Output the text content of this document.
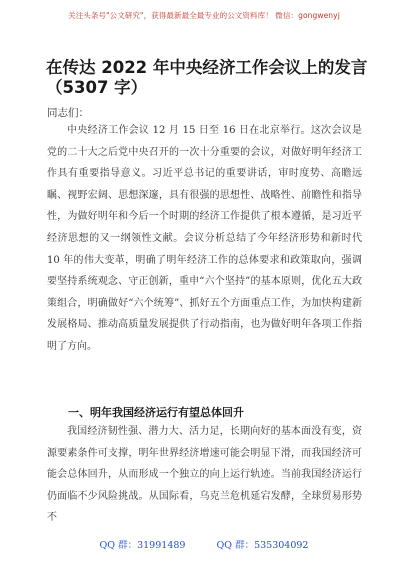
关注头条号"公文研究"，获得最新最全最专业的公文资料库！ 微信：gongwenyj
在传达 2022 年中央经济工作会议上的发言（5307 字）
同志们：

中央经济工作会议 12 月 15 日至 16 日在北京举行。这次会议是党的二十大之后党中央召开的一次十分重要的会议，对做好明年经济工作具有重要指导意义。习近平总书记的重要讲话，审时度势、高瞻远瞩、视野宏阔、思想深邃，具有很强的思想性、战略性、前瞻性和指导性，为做好明年和今后一个时期的经济工作提供了根本遵循，是习近平经济思想的又一纲领性文献。会议分析总结了今年经济形势和新时代 10 年的伟大变革，明确了明年经济工作的总体要求和政策取向，强调要坚持系统观念、守正创新，重申“六个坚持”的基本原则，优化五大政策组合，明确做好“六个统筹”、抓好五个方面重点工作，为加快构建新发展格局、推动高质量发展提供了行动指南，也为做好明年各项工作指明了方向。

一、明年我国经济运行有望总体回升

我国经济韧性强、潜力大、活力足，长期向好的基本面没有变，资源要素条件可支撑，明年世界经济增速可能会明显下滑，而我国经济可能会总体回升，从而形成一个独立的向上运行轨迹。当前我国经济运行仍面临不少风险挑战。从国际看，乌克兰危机延宕发酵，全球贸易形势不

QQ 群：31991489	QQ 群：535304092
